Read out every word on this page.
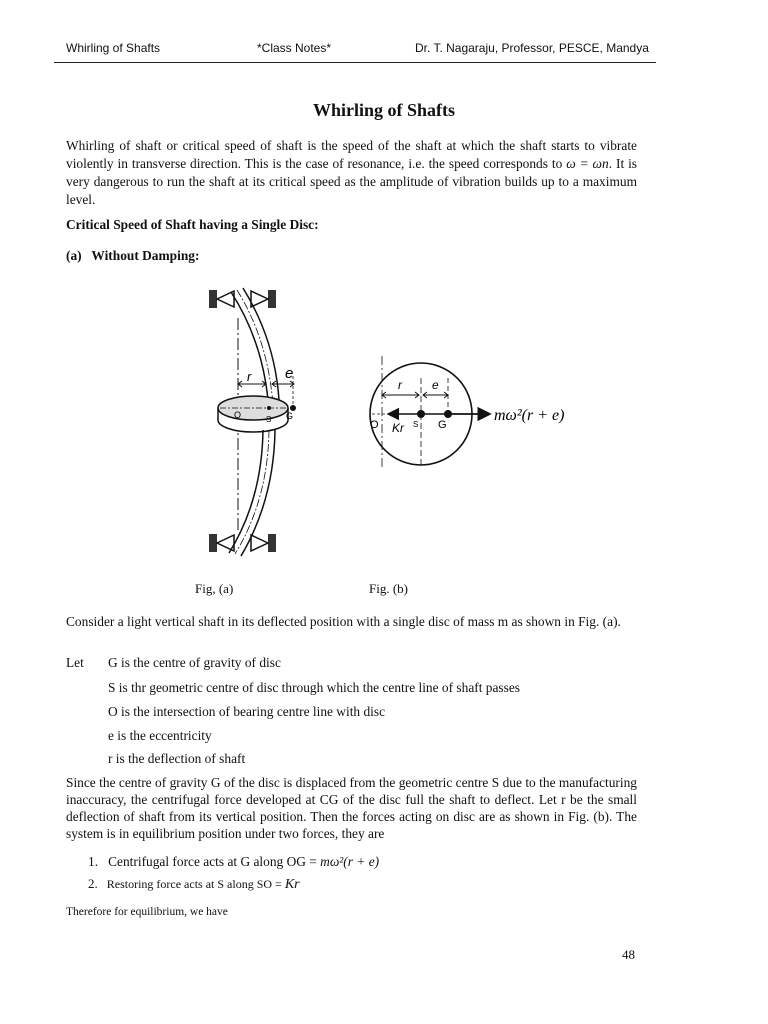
Whirling of Shafts	*Class Notes*	Dr. T. Nagaraju, Professor, PESCE, Mandya
Whirling of Shafts
Whirling of shaft or critical speed of shaft is the speed of the shaft at which the shaft starts to vibrate violently in transverse direction. This is the case of resonance, i.e. the speed corresponds to ω = ωn. It is very dangerous to run the shaft at its critical speed as the amplitude of vibration builds up to a maximum level.
Critical Speed of Shaft having a Single Disc:
(a)   Without Damping:
r e
O	S G
r	e
O Kr S G
mω²(r + e)
Fig, (a)	Fig. (b)
Consider a light vertical shaft in its deflected position with a single disc of mass m as shown in Fig. (a).
Let G is the centre of gravity of disc
S is thr geometric centre of disc through which the centre line of shaft passes
O is the intersection of bearing centre line with disc
e is the eccentricity
r is the deflection of shaft
Since the centre of gravity G of the disc is displaced from the geometric centre S due to the manufacturing inaccuracy, the centrifugal force developed at CG of the disc full the shaft to deflect. Let r be the small deflection of shaft from its vertical position. Then the forces acting on disc are as shown in Fig. (b). The system is in equilibrium position under two forces, they are
1. Centrifugal force acts at G along OG = mω²(r + e)
2. Restoring force acts at S along SO = Kr
Therefore for equilibrium, we have
48
